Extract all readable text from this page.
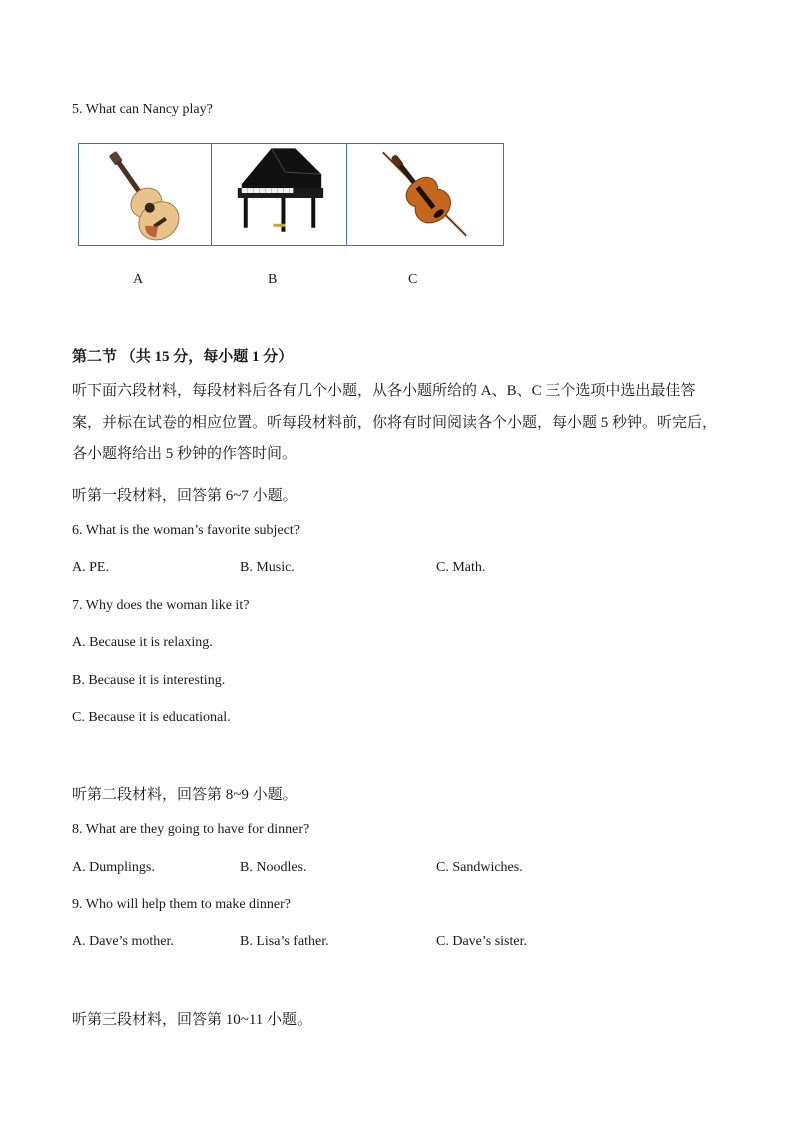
5. What can Nancy play?
A	B	C
第二节 （共 15 分，每小题 1 分）
听下面六段材料，每段材料后各有几个小题，从各小题所给的 A、B、C 三个选项中选出最佳答案，并标在试卷的相应位置。听每段材料前，你将有时间阅读各个小题，每小题 5 秒钟。听完后，各小题将给出 5 秒钟的作答时间。
听第一段材料，回答第 6~7 小题。
6. What is the woman’s favorite subject?
A. PE.	B. Music.	C. Math.
7. Why does the woman like it?
A. Because it is relaxing.
B. Because it is interesting.
C. Because it is educational.
听第二段材料，回答第 8~9 小题。
8. What are they going to have for dinner?
A. Dumplings.	B. Noodles.	C. Sandwiches.
9. Who will help them to make dinner?
A. Dave’s mother.	B. Lisa’s father.	C. Dave’s sister.
听第三段材料，回答第 10~11 小题。
